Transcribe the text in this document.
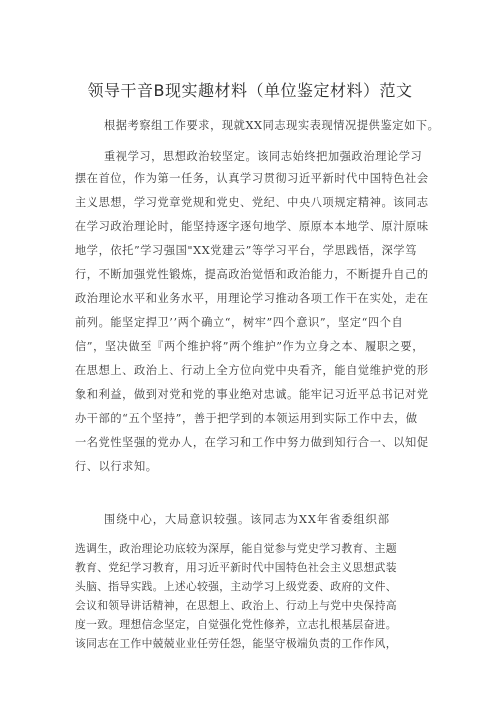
领导干音B现实趣材料（单位鉴定材料）范文
根据考察组工作要求，现就XX同志现实表现情况提供鉴定如下。
重视学习，思想政治较坚定。该同志始终把加强政治理论学习
摆在首位，作为第一任务，认真学习贯彻习近平新时代中国特色社会
主义思想，学习党章党规和党史、党纪、中央八项规定精神。该同志
在学习政治理论时，能坚持逐字逐句地学、原原本本地学、原汁原味
地学，依托”学习强国"XX党建云”等学习平台，学思践悟，深学笃
行，不断加强党性锻炼，提高政治觉悟和政治能力，不断提升自己的
政治理论水平和业务水平，用理论学习推动各项工作干在实处，走在
前列。能坚定捍卫’’两个确立“，树牢”四个意识”，坚定“四个自
信”，坚决做至『两个维护将”两个维护”作为立身之本、履职之要，
在思想上、政治上、行动上全方位向党中央看齐，能自觉维护党的形
象和利益，做到对党和党的事业绝对忠诚。能牢记习近平总书记对党
办干部的“五个坚持”，善于把学到的本领运用到实际工作中去，做
一名党性坚强的党办人，在学习和工作中努力做到知行合一、以知促
行、以行求知。
围绕中心，大局意识较强。该同志为XX年省委组织部
选调生，政治理论功底较为深厚，能自觉参与党史学习教育、主题
教育、党纪学习教育，用习近平新时代中国特色社会主义思想武装
头脑、指导实践。上述心较强，主动学习上级党委、政府的文件、
会议和领导讲话精神，在思想上、政治上、行动上与党中央保持高
度一致。理想信念坚定，自觉强化党性修养，立志扎根基层奋进。
该同志在工作中兢兢业业任劳任怨，能坚守极端负责的工作作风，
